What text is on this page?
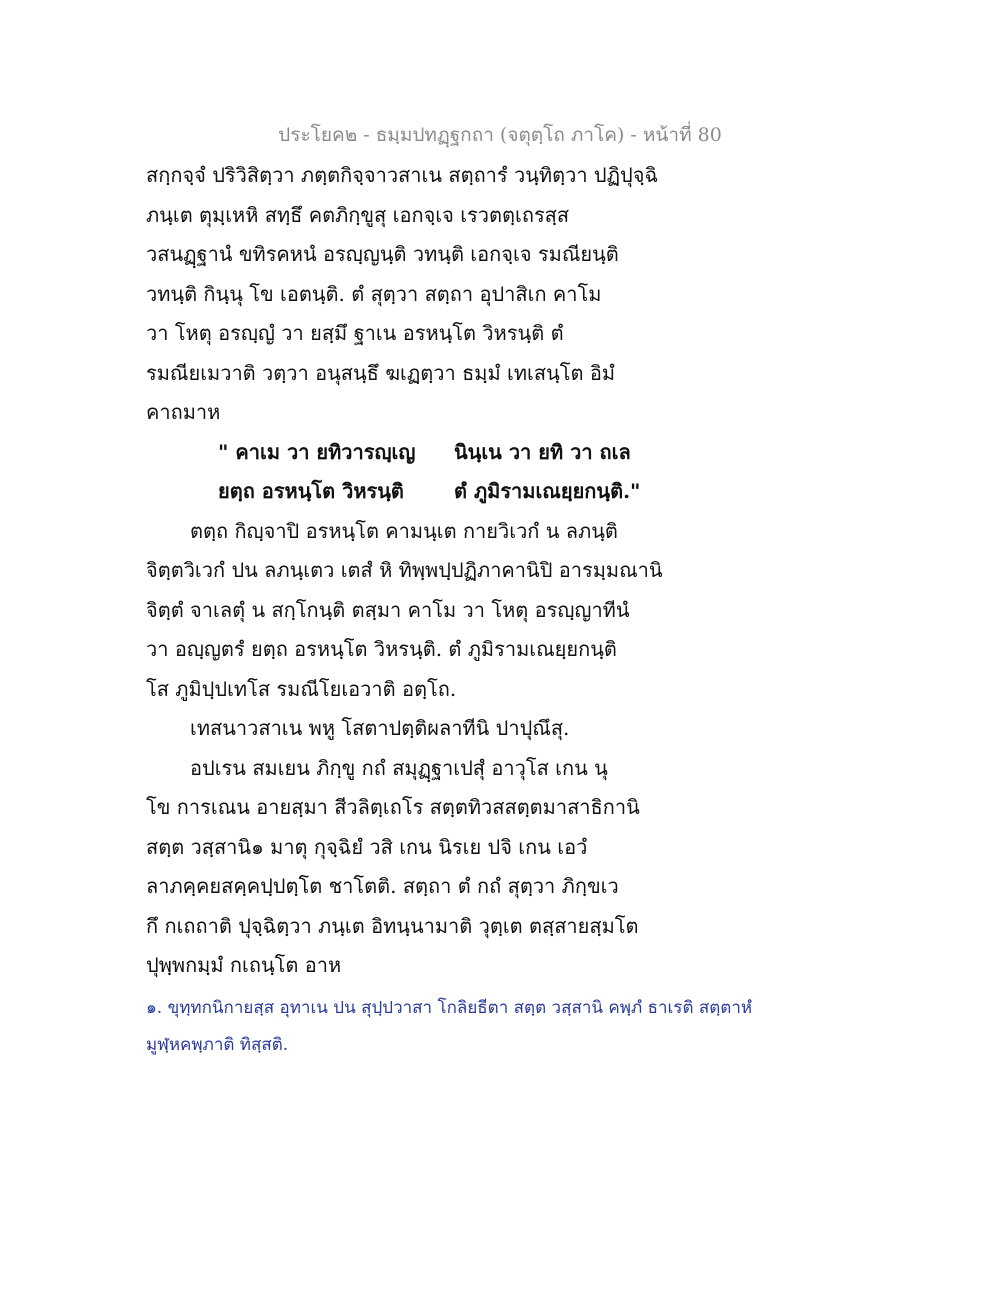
ประโยค๒ - ธมฺมปทฏฺฐกถา (จตุตฺโถ ภาโค) - หน้าที่ 80
สกฺกจฺจํ ปริวิสิตฺวา ภตฺตกิจฺจาวสาเน สตฺถารํ วนฺทิตฺวา ปฏิปุจฺฉิ
ภนฺเต ตุมฺเหหิ สทฺธึ คตภิกฺขูสุ เอกจฺเจ เรวตตฺเถรสฺส
วสนฏฺฐานํ ขทิรคหนํ อรญฺญนฺติ วทนฺติ เอกจฺเจ รมณียนฺติ
วทนฺติ กินฺนุ โข เอตนฺติ. ตํ สุตฺวา สตฺถา อุปาสิเก คาโม
วา โหตุ อรญฺญํ วา ยสฺมึ ฐาเน อรหนฺโต วิหรนฺติ ตํ
รมณียเมวาติ วตฺวา อนุสนฺธึ ฆเฏตฺวา ธมฺมํ เทเสนฺโต อิมํ
คาถมาห
" คาเม วา ยทิวารญฺเญ	นินฺเน วา ยทิ วา ถเล
ยตฺถ อรหนฺโต วิหรนฺติ	ตํ ภูมิรามเณยฺยกนฺติ."
ตตฺถ กิญฺจาปิ อรหนฺโต คามนฺเต กายวิเวกํ น ลภนฺติ
จิตฺตวิเวกํ ปน ลภนฺเตว เตสํ หิ ทิพฺพปฺปฏิภาคานิปิ อารมฺมณานิ
จิตฺตํ จาเลตุํ น สกฺโกนฺติ ตสฺมา คาโม วา โหตุ อรญฺญาทีนํ
วา อญฺญตรํ ยตฺถ อรหนฺโต วิหรนฺติ. ตํ ภูมิรามเณยฺยกนฺติ
โส ภูมิปฺปเทโส รมณีโยเอวาติ อตฺโถ.
เทสนาวสาเน พหู โสตาปตฺติผลาทีนิ ปาปุณึสุ.
อปเรน สมเยน ภิกฺขู กถํ สมุฏฺฐาเปสุํ อาวุโส เกน นุ
โข การเณน อายสฺมา สีวลิตฺเถโร สตฺตทิวสสตฺตมาสาธิกานิ
สตฺต วสฺสานิ๑ มาตุ กุจฺฉิยํ วสิ เกน นิรเย ปจิ เกน เอวํ
ลาภคฺคยสคฺคปฺปตฺโต ชาโตติ. สตฺถา ตํ กถํ สุตฺวา ภิกฺขเว
กึ กเถถาติ ปุจฺฉิตฺวา ภนฺเต อิทนฺนามาติ วุตฺเต ตสฺสายสฺมโต
ปุพฺพกมฺมํ กเถนฺโต อาห
๑. ขุทฺทกนิกายสฺส อุทาเน ปน สุปฺปวาสา โกลิยธีตา สตฺต วสฺสานิ คพฺภํ ธาเรติ สตฺตาหํ
มูฬฺหคพฺภาติ ทิสฺสติ.
